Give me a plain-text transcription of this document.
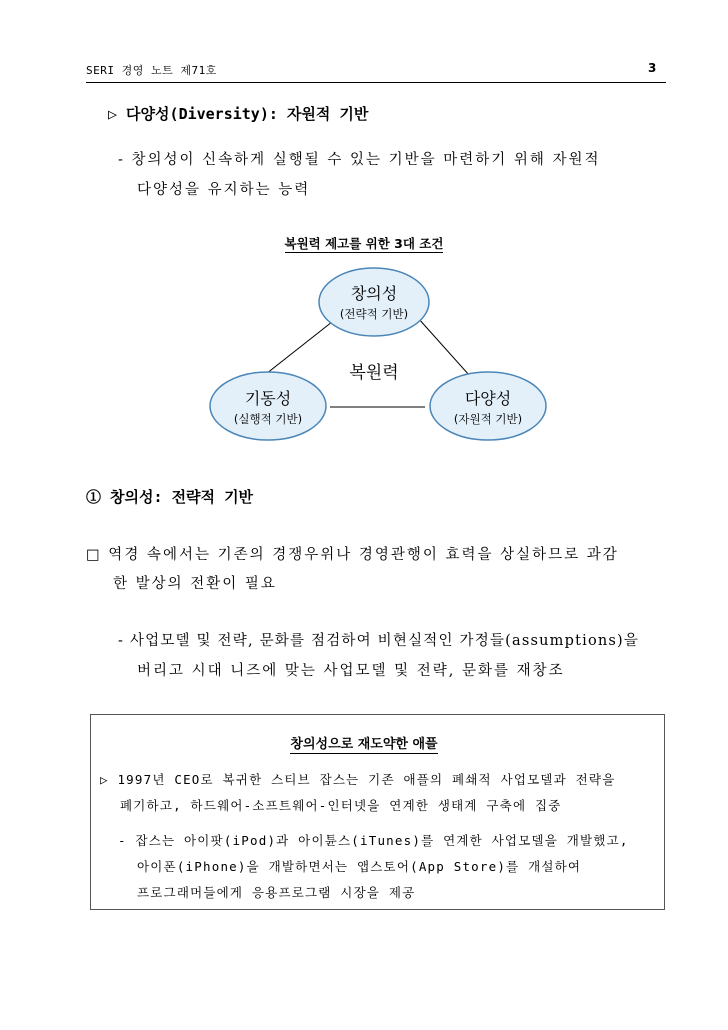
SERI 경영 노트 제71호	3
▷ 다양성(Diversity): 자원적 기반
- 창의성이 신속하게 실행될 수 있는 기반을 마련하기 위해 자원적
다양성을 유지하는 능력
복원력 제고를 위한 3대 조건
창의성
(전략적 기반)
기동성
(실행적 기반)
다양성
(자원적 기반)
복원력
① 창의성: 전략적 기반
□ 역경 속에서는 기존의 경쟁우위나 경영관행이 효력을 상실하므로 과감
한 발상의 전환이 필요
- 사업모델 및 전략, 문화를 점검하여 비현실적인 가정들(assumptions)을
버리고 시대 니즈에 맞는 사업모델 및 전략, 문화를 재창조
창의성으로 재도약한 애플
▷ 1997년 CEO로 복귀한 스티브 잡스는 기존 애플의 폐쇄적 사업모델과 전략을
폐기하고, 하드웨어-소프트웨어-인터넷을 연계한 생태계 구축에 집중
- 잡스는 아이팟(iPod)과 아이튠스(iTunes)를 연계한 사업모델을 개발했고,
아이폰(iPhone)을 개발하면서는 앱스토어(App Store)를 개설하여
프로그래머들에게 응용프로그램 시장을 제공
